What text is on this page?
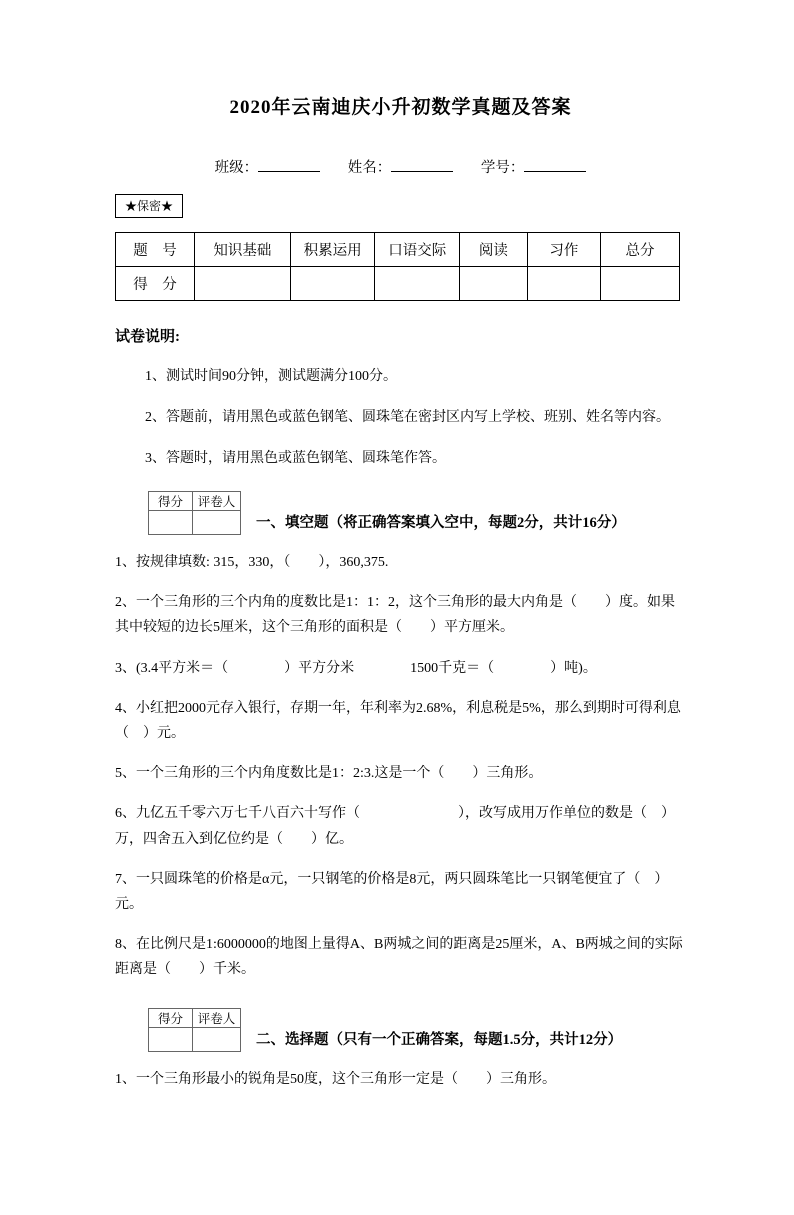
2020年云南迪庆小升初数学真题及答案
班级：	姓名：	学号：
★保密★
题　号	知识基础	积累运用	口语交际	阅读	习作	总分
得　分						
试卷说明:

1、测试时间90分钟，测试题满分100分。

2、答题前，请用黑色或蓝色钢笔、圆珠笔在密封区内写上学校、班别、姓名等内容。

3、答题时，请用黑色或蓝色钢笔、圆珠笔作答。

得分	评卷人

一、填空题（将正确答案填入空中，每题2分，共计16分）

1、按规律填数: 315，330，（　　），360,375.

2、一个三角形的三个内角的度数比是1：1：2，这个三角形的最大内角是（　　）度。如果其中较短的边长5厘米，这个三角形的面积是（　　）平方厘米。

3、(3.4平方米＝（　　　　）平方分米　　　　1500千克＝（　　　　）吨)。

4、小红把2000元存入银行，存期一年，年利率为2.68%，利息税是5%，那么到期时可得利息（　）元。

5、一个三角形的三个内角度数比是1：2:3.这是一个（　　）三角形。

6、九亿五千零六万七千八百六十写作（　　　　　　　），改写成用万作单位的数是（　）万，四舍五入到亿位约是（　　）亿。

7、一只圆珠笔的价格是α元，一只钢笔的价格是8元，两只圆珠笔比一只钢笔便宜了（　）元。

8、在比例尺是1:6000000的地图上量得A、B两城之间的距离是25厘米，A、B两城之间的实际距离是（　　）千米。

得分	评卷人

二、选择题（只有一个正确答案，每题1.5分，共计12分）

1、一个三角形最小的锐角是50度，这个三角形一定是（　　）三角形。
